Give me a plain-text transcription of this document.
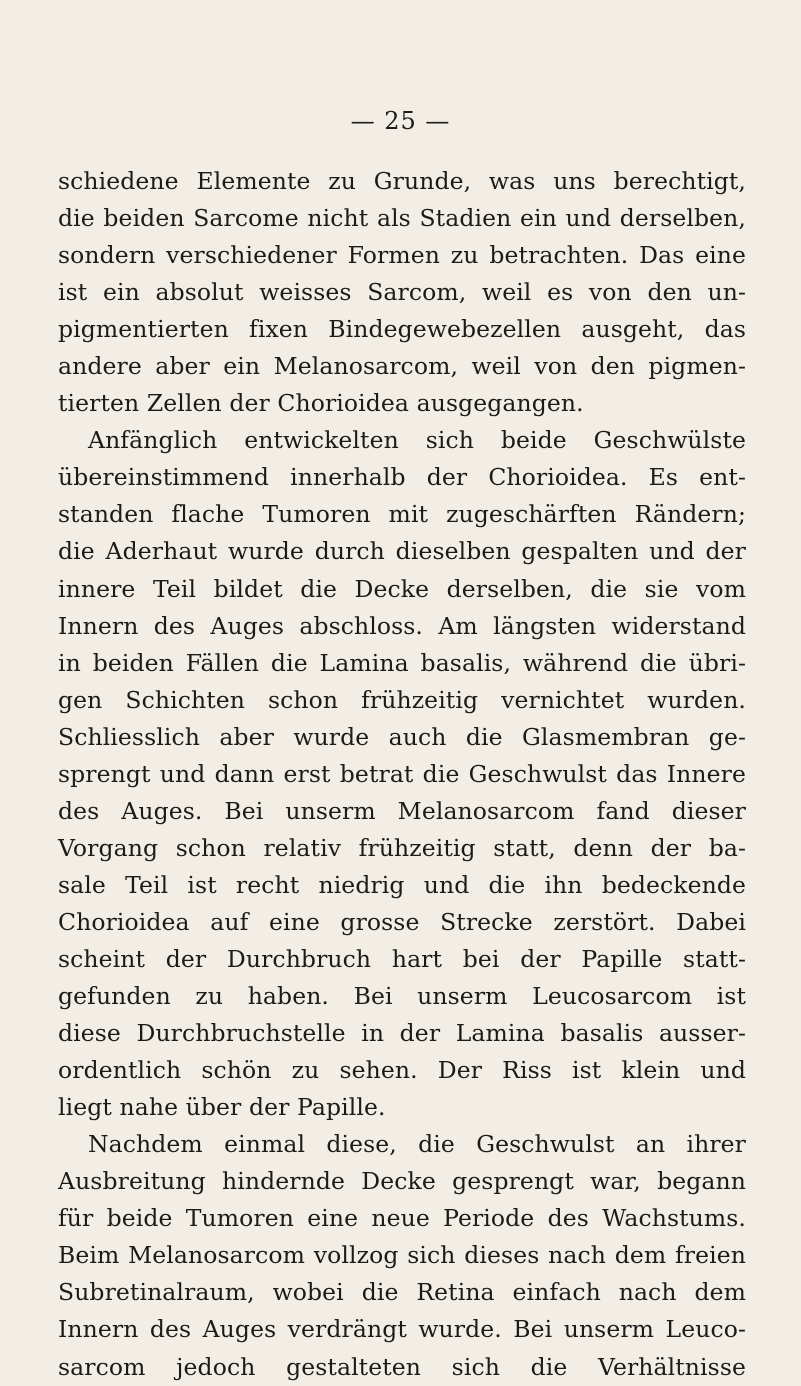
— 25 —
schiedene Elemente zu Grunde, was uns berechtigt,
die beiden Sarcome nicht als Stadien ein und derselben,
sondern verschiedener Formen zu betrachten. Das eine
ist ein absolut weisses Sarcom, weil es von den un-
pigmentierten fixen Bindegewebezellen ausgeht, das
andere aber ein Melanosarcom, weil von den pigmen-
tierten Zellen der Chorioidea ausgegangen.
Anfänglich entwickelten sich beide Geschwülste
übereinstimmend innerhalb der Chorioidea. Es ent-
standen flache Tumoren mit zugeschärften Rändern;
die Aderhaut wurde durch dieselben gespalten und der
innere Teil bildet die Decke derselben, die sie vom
Innern des Auges abschloss. Am längsten widerstand
in beiden Fällen die Lamina basalis, während die übri-
gen Schichten schon frühzeitig vernichtet wurden.
Schliesslich aber wurde auch die Glasmembran ge-
sprengt und dann erst betrat die Geschwulst das Innere
des Auges. Bei unserm Melanosarcom fand dieser
Vorgang schon relativ frühzeitig statt, denn der ba-
sale Teil ist recht niedrig und die ihn bedeckende
Chorioidea auf eine grosse Strecke zerstört. Dabei
scheint der Durchbruch hart bei der Papille statt-
gefunden zu haben. Bei unserm Leucosarcom ist
diese Durchbruchstelle in der Lamina basalis ausser-
ordentlich schön zu sehen. Der Riss ist klein und
liegt nahe über der Papille.
Nachdem einmal diese, die Geschwulst an ihrer
Ausbreitung hindernde Decke gesprengt war, begann
für beide Tumoren eine neue Periode des Wachstums.
Beim Melanosarcom vollzog sich dieses nach dem freien
Subretinalraum, wobei die Retina einfach nach dem
Innern des Auges verdrängt wurde. Bei unserm Leuco-
sarcom jedoch gestalteten sich die Verhältnisse
